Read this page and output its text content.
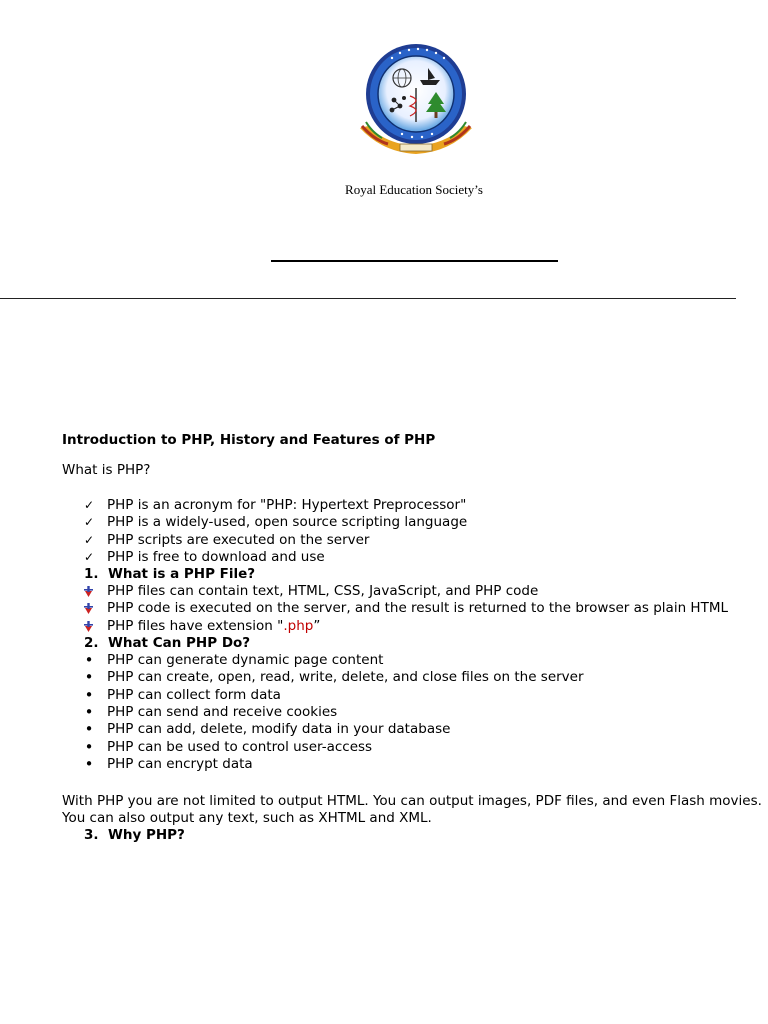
Royal Education Society’s
Introduction to PHP, History and Features of PHP

What is PHP?

✓ PHP is an acronym for "PHP: Hypertext Preprocessor"
✓ PHP is a widely-used, open source scripting language
✓ PHP scripts are executed on the server
✓ PHP is free to download and use
1. What is a PHP File?
PHP files can contain text, HTML, CSS, JavaScript, and PHP code
PHP code is executed on the server, and the result is returned to the browser as plain HTML
PHP files have extension ".php”
2. What Can PHP Do?
• PHP can generate dynamic page content
• PHP can create, open, read, write, delete, and close files on the server
• PHP can collect form data
• PHP can send and receive cookies
• PHP can add, delete, modify data in your database
• PHP can be used to control user-access
• PHP can encrypt data

With PHP you are not limited to output HTML. You can output images, PDF files, and even Flash movies. You can also output any text, such as XHTML and XML.

3. Why PHP?
